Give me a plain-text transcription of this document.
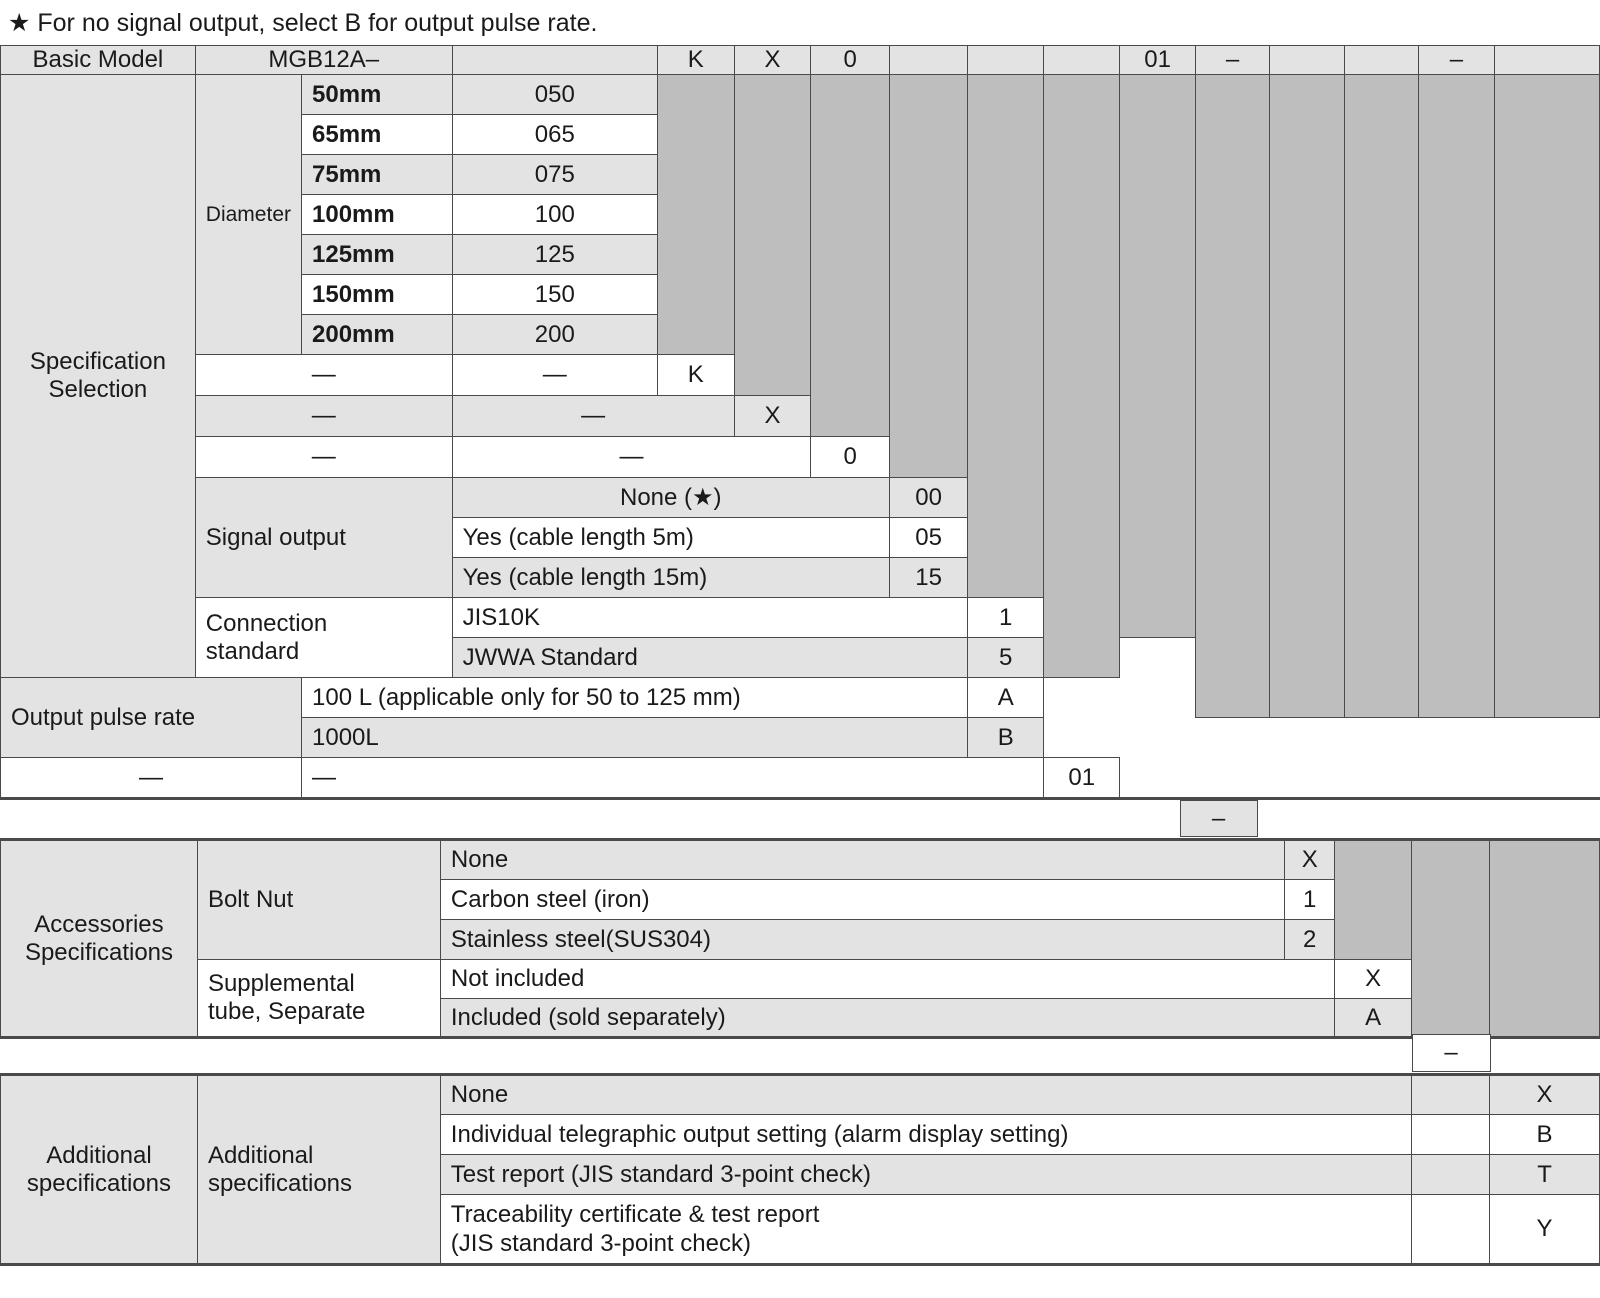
★ For no signal output, select B for output pulse rate.
Basic Model	MGB12A–			K	X	0				01	–			–	

Specification
Selection	Diameter	50mm	050												
		65mm	065												
		75mm	075												
		100mm	100												
		125mm	125												
		150mm	150												
		200mm	200												
	—		—	K											
	—		—		X										
	—		—			0									
	Signal output		None (★)				00								
			Yes (cable length 5m)				05								
			Yes (cable length 15m)				15								

	Connection
standard		JIS10K					1							
			JWWA Standard					5							
Output pulse rate		100 L (applicable only for 50 to 125 mm)						A							
		1000L						B							
—		—							01						
	–	
Accessories
Specifications	Bolt Nut	None	X			
		Carbon steel (iron)	1			
		Stainless steel(SUS304)	2			

	Supplemental
tube, Separate	Not included		X		
		Included (sold separately)		A		
	–	
Additional
specifications

Additional
specifications
	None		X
		Individual telegraphic output setting (alarm display setting)		B
		Test report (JIS standard 3-point check)		T

		Traceability certificate & test report
(JIS standard 3-point check)		Y
